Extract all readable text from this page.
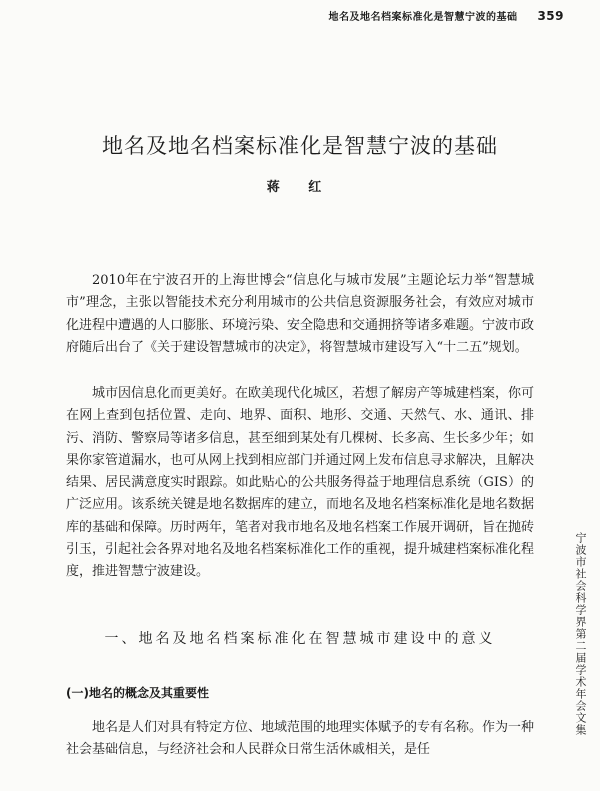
地名及地名档案标准化是智慧宁波的基础 359
地名及地名档案标准化是智慧宁波的基础
蒋 红

2010年在宁波召开的上海世博会“信息化与城市发展”主题论坛力举“智慧城市”理念，主张以智能技术充分利用城市的公共信息资源服务社会，有效应对城市化进程中遭遇的人口膨胀、环境污染、安全隐患和交通拥挤等诸多难题。宁波市政府随后出台了《关于建设智慧城市的决定》，将智慧城市建设写入“十二五”规划。

城市因信息化而更美好。在欧美现代化城区，若想了解房产等城建档案，你可在网上查到包括位置、走向、地界、面积、地形、交通、天然气、水、通讯、排污、消防、警察局等诸多信息，甚至细到某处有几棵树、长多高、生长多少年；如果你家管道漏水，也可从网上找到相应部门并通过网上发布信息寻求解决，且解决结果、居民满意度实时跟踪。如此贴心的公共服务得益于地理信息系统（GIS）的广泛应用。该系统关键是地名数据库的建立，而地名及地名档案标准化是地名数据库的基础和保障。历时两年，笔者对我市地名及地名档案工作展开调研，旨在抛砖引玉，引起社会各界对地名及地名档案标准化工作的重视，提升城建档案标准化程度，推进智慧宁波建设。

一、地名及地名档案标准化在智慧城市建设中的意义
(一)地名的概念及其重要性

地名是人们对具有特定方位、地域范围的地理实体赋予的专有名称。作为一种社会基础信息，与经济社会和人民群众日常生活休戚相关，是任

宁波市社会科学界第二届学术年会文集
